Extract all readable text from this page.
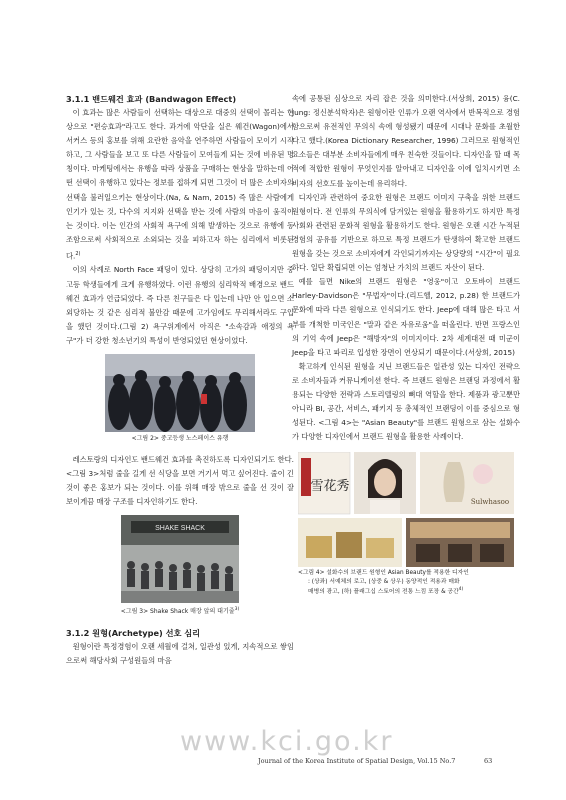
3.1.1 밴드웨건 효과 (Bandwagon Effect)

이 효과는 많은 사람들이 선택하는 대상으로 대중의 선택이 몰리는 현상으로 "편승효과"라고도 한다. 과거에 악단을 실은 웨건(Wagon)에서 서커스 등의 홍보를 위해 요란한 음악을 연주하면 사람들이 모이기 시작하고, 그 사람들을 보고 또 다른 사람들이 모여들게 되는 것에 비유된 명칭이다. 마케팅에서는 유행을 따라 상품을 구매하는 현상을 말하는데 어떤 선택이 유행하고 있다는 정보를 접하게 되면 그것이 더 많은 소비자의 선택을 불러일으키는 현상이다.(Na, & Nam, 2015) 즉 많은 사람에게 인기가 있는 것, 다수의 지지와 선택을 받는 것에 사람의 마음이 움직이는 것이다. 이는 인간의 사회적 욕구에 의해 발생하는 것으로 유행에 동조함으로써 사회적으로 소외되는 것을 피하고자 하는 심리에서 비롯된다.$^{2)}$

이의 사례로 North Face 패딩이 있다. 상당히 고가의 패딩이지만 중고등 학생들에게 크게 유행하였다. 이런 유행의 심리학적 배경으로 밴드웨건 효과가 언급되었다. 즉 다른 친구들은 다 입는데 나만 안 입으면 소외당하는 것 같은 심리적 불안감 때문에 고가임에도 무리해서라도 구입을 했던 것이다.(그림 2) 욕구위계에서 아직은 "소속감과 애정의 욕구"가 더 강한 청소년기의 특성이 반영되었던 현상이었다.

<그림 2> 중고등생 노스페이스 유행

레스토랑의 디자인도 밴드웨건 효과를 촉진하도록 디자인되기도 한다. <그림 3>처럼 줄을 길게 선 식당을 보면 거기서 먹고 싶어진다. 줄이 긴 것이 좋은 홍보가 되는 것이다. 이를 위해 매장 밖으로 줄을 선 것이 잘 보이게끔 매장 구조를 디자인하기도 한다.

SHAKE SHACK

<그림 3> Shake Shack 매장 앞의 대기줄$^{3)}$

3.1.2 원형(Archetype) 선호 심리

원형이란 특정경험이 오랜 세월에 걸쳐, 일관성 있게, 지속적으로 쌓임으로써 해당사회 구성원들의 마음

속에 공통된 심상으로 자리 잡은 것을 의미한다.(서상희, 2015) 융(C. Jung: 정신분석학자)은 원형이란 인류가 오랜 역사에서 반복적으로 경험함으로써 유전적인 무의식 속에 형성됐기 때문에 시대나 문화를 초월한다고 했다.(Korea Dictionary Researcher, 1996) 그러므로 원형적인 요소들은 대부분 소비자들에게 매우 친숙한 것들이다. 디자인을 할 때 목적에 적합한 원형이 무엇인지를 알아내고 디자인을 이에 일치시키면 소비자의 선호도를 높이는데 유리하다.

디자인과 관련하여 중요한 원형은 브랜드 이미지 구축을 위한 브랜드 원형이다. 전 인류의 무의식에 담겨있는 원형을 활용하기도 하지만 특정 사회와 관련된 문화적 원형을 활용하기도 한다. 원형은 오랜 시간 누적된 경험의 공유를 기반으로 하므로 특정 브랜드가 탄생하여 확고한 브랜드 원형을 갖는 것으로 소비자에게 각인되기까지는 상당량의 "시간"이 필요하다. 일단 확립되면 이는 엄청난 가치의 브랜드 자산이 된다.

예를 들면 Nike의 브랜드 원형은 "영웅"이고 오토바이 브랜드 Harley-Davidson은 "무법자"이다.(리드헬, 2012, p.28) 한 브랜드가 문화에 따라 다른 원형으로 인식되기도 한다. Jeep에 대해 많은 타고 서부를 개척한 미국인은 "말과 같은 자유로움"을 떠올린다. 반면 프랑스인의 기억 속에 Jeep은 "해방자"의 이미지이다. 2차 세계대전 때 미군이 Jeep을 타고 파리로 입성한 장면이 연상되기 때문이다.(서상희, 2015)

확고하게 인식된 원형을 지닌 브랜드들은 일관성 있는 디자인 전략으로 소비자들과 커뮤니케이션 한다. 즉 브랜드 원형은 브랜딩 과정에서 활용되는 다양한 전략과 스토리텔링의 뼈대 역할을 한다. 제품과 광고뿐만 아니라 BI, 공간, 서비스, 패키지 등 총체적인 브랜딩이 이를 중심으로 형성된다. <그림 4>는 "Asian Beauty"를 브랜드 원형으로 삼는 설화수가 다양한 디자인에서 브랜드 원형을 활용한 사례이다.

雪花秀
Sulwhasoo
<그림 4> 설화수의 브랜드 원형인 Asian Beauty를 적용한 디자인
: (상좌) 서예체의 로고, (상중 & 상우) 동양적인 적용과 매화
매병의 광고, (하) 플래그십 스토어의 전통 느낌 포장 & 공간$^{4)}$
www.kci.go.kr
Journal of the Korea Institute of Spatial Design, Vol.15 No.7	63
